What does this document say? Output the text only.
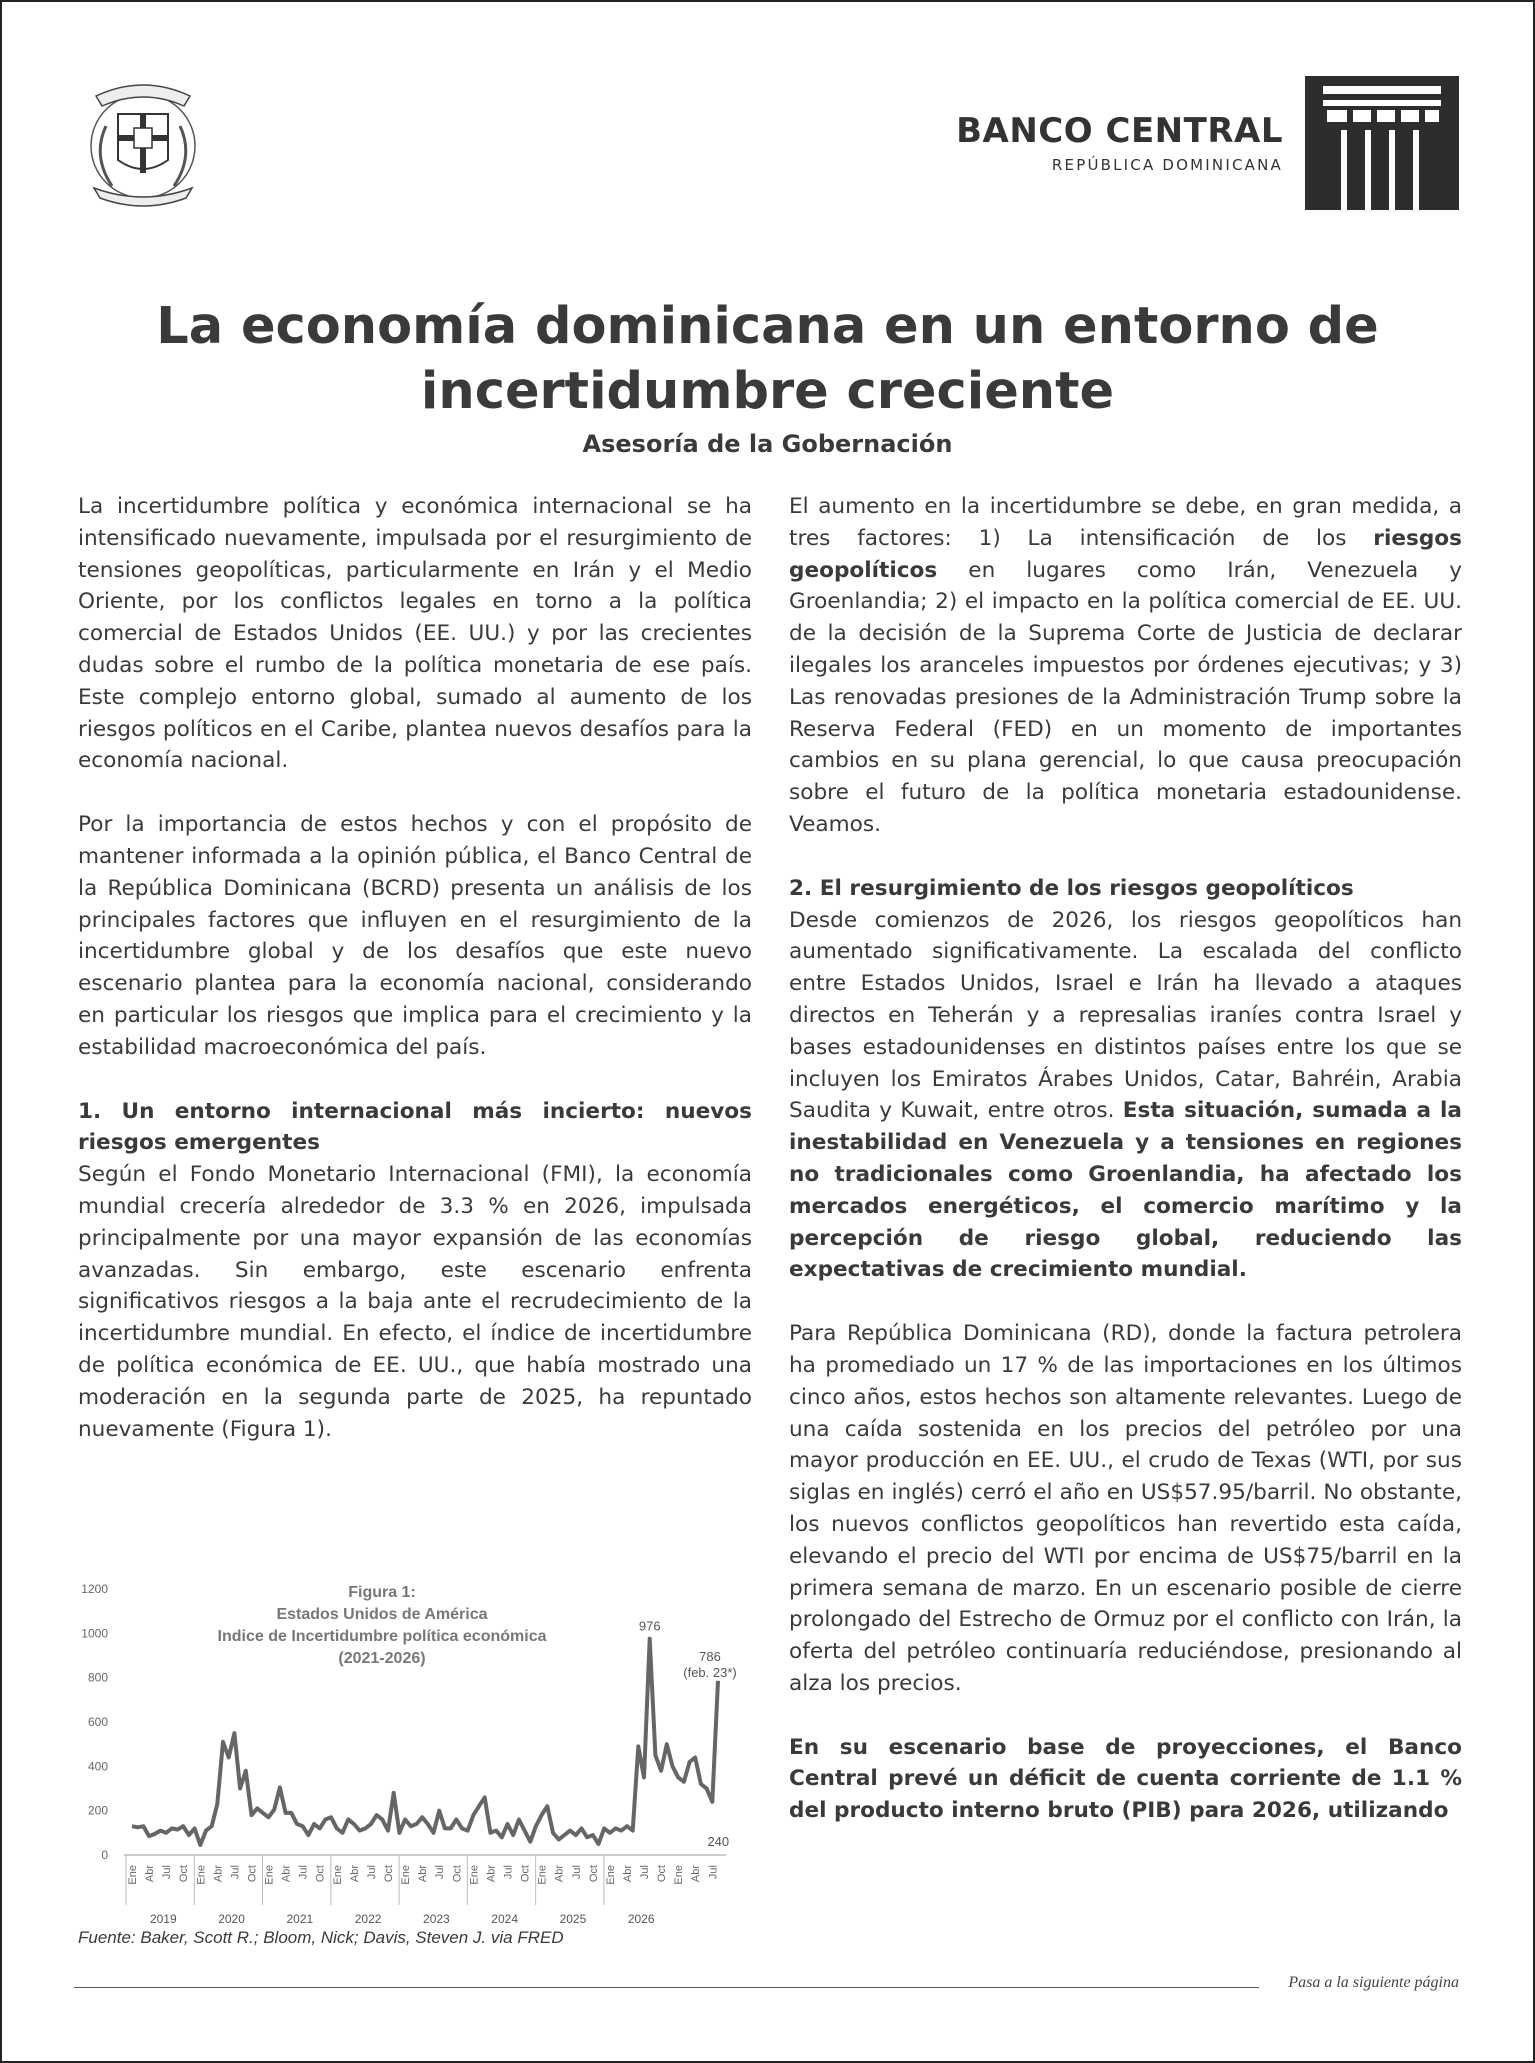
BANCO CENTRAL
REPÚBLICA DOMINICANA
La economía dominicana en un entorno de incertidumbre creciente
Asesoría de la Gobernación

La incertidumbre política y económica internacional se ha intensificado nuevamente, impulsada por el resurgimiento de tensiones geopolíticas, particularmente en Irán y el Medio Oriente, por los conflictos legales en torno a la política comercial de Estados Unidos (EE. UU.) y por las crecientes dudas sobre el rumbo de la política monetaria de ese país. Este complejo entorno global, sumado al aumento de los riesgos políticos en el Caribe, plantea nuevos desafíos para la economía nacional.

Por la importancia de estos hechos y con el propósito de mantener informada a la opinión pública, el Banco Central de la República Dominicana (BCRD) presenta un análisis de los principales factores que influyen en el resurgimiento de la incertidumbre global y de los desafíos que este nuevo escenario plantea para la economía nacional, considerando en particular los riesgos que implica para el crecimiento y la estabilidad macroeconómica del país.

1. Un entorno internacional más incierto: nuevos riesgos emergentes

Según el Fondo Monetario Internacional (FMI), la economía mundial crecería alrededor de 3.3 % en 2026, impulsada principalmente por una mayor expansión de las economías avanzadas. Sin embargo, este escenario enfrenta significativos riesgos a la baja ante el recrudecimiento de la incertidumbre mundial. En efecto, el índice de incertidumbre de política económica de EE. UU., que había mostrado una moderación en la segunda parte de 2025, ha repuntado nuevamente (Figura 1).

0
200
400
600
800
1000
1200
Ene Abr Jul Oct Ene Abr Jul Oct Ene Abr Jul Oct Ene Abr Jul Oct Ene Abr Jul Oct Ene Abr Jul Oct Ene Abr Jul Oct Ene Abr Jul Oct Ene Abr Jul
2019	2020	2021	2022	2023	2024	2025	2026
Figura 1:
Estados Unidos de América
Indice de Incertidumbre política económica
(2021-2026)
976
786
(feb. 23*)
240
Fuente: Baker, Scott R.; Bloom, Nick; Davis, Steven J. via FRED

El aumento en la incertidumbre se debe, en gran medida, a tres factores: 1) La intensificación de los riesgos geopolíticos en lugares como Irán, Venezuela y Groenlandia; 2) el impacto en la política comercial de EE. UU. de la decisión de la Suprema Corte de Justicia de declarar ilegales los aranceles impuestos por órdenes ejecutivas; y 3) Las renovadas presiones de la Administración Trump sobre la Reserva Federal (FED) en un momento de importantes cambios en su plana gerencial, lo que causa preocupación sobre el futuro de la política monetaria estadounidense. Veamos.

2. El resurgimiento de los riesgos geopolíticos

Desde comienzos de 2026, los riesgos geopolíticos han aumentado significativamente. La escalada del conflicto entre Estados Unidos, Israel e Irán ha llevado a ataques directos en Teherán y a represalias iraníes contra Israel y bases estadounidenses en distintos países entre los que se incluyen los Emiratos Árabes Unidos, Catar, Bahréin, Arabia Saudita y Kuwait, entre otros. Esta situación, sumada a la inestabilidad en Venezuela y a tensiones en regiones no tradicionales como Groenlandia, ha afectado los mercados energéticos, el comercio marítimo y la percepción de riesgo global, reduciendo las expectativas de crecimiento mundial.

Para República Dominicana (RD), donde la factura petrolera ha promediado un 17 % de las importaciones en los últimos cinco años, estos hechos son altamente relevantes. Luego de una caída sostenida en los precios del petróleo por una mayor producción en EE. UU., el crudo de Texas (WTI, por sus siglas en inglés) cerró el año en US$57.95/barril. No obstante, los nuevos conflictos geopolíticos han revertido esta caída, elevando el precio del WTI por encima de US$75/barril en la primera semana de marzo. En un escenario posible de cierre prolongado del Estrecho de Ormuz por el conflicto con Irán, la oferta del petróleo continuaría reduciéndose, presionando al alza los precios.

En su escenario base de proyecciones, el Banco Central prevé un déficit de cuenta corriente de 1.1 % del producto interno bruto (PIB) para 2026, utilizando

Pasa a la siguiente página
